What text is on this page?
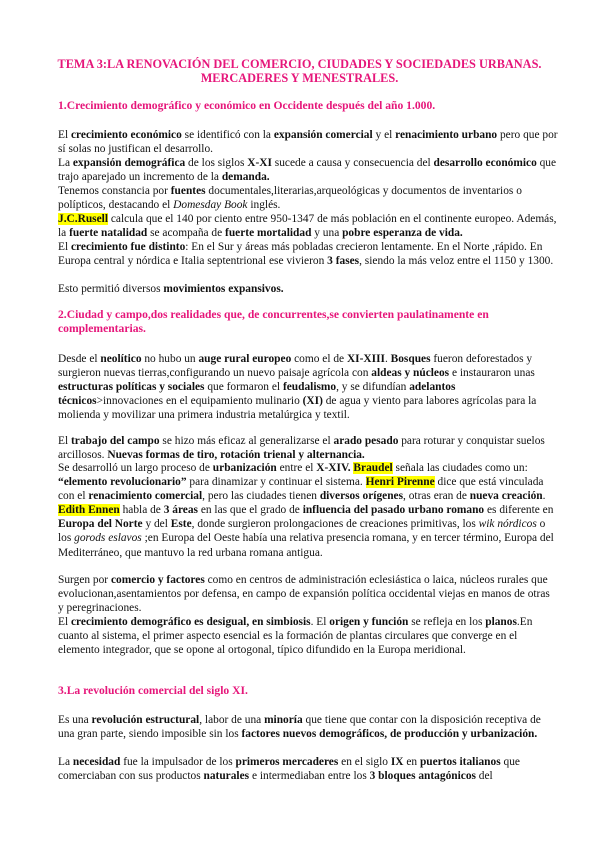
TEMA 3:LA RENOVACIÓN DEL COMERCIO, CIUDADES Y SOCIEDADES URBANAS.
MERCADERES Y MENESTRALES.
1.Crecimiento demográfico y económico en Occidente después del año 1.000.
El crecimiento económico se identificó con la expansión comercial y el renacimiento urbano pero que por sí solas no justifican el desarrollo.
La expansión demográfica de los siglos X-XI sucede a causa y consecuencia del desarrollo económico que trajo aparejado un incremento de la demanda.
Tenemos constancia por fuentes documentales,literarias,arqueológicas y documentos de inventarios o polípticos, destacando el Domesday Book inglés.
J.C.Rusell calcula que el 140 por ciento entre 950-1347 de más población en el continente europeo. Además, la fuerte natalidad se acompaña de fuerte mortalidad y una pobre esperanza de vida.
El crecimiento fue distinto: En el Sur y áreas más pobladas crecieron lentamente. En el Norte ,rápido. En Europa central y nórdica e Italia septentrional ese vivieron 3 fases, siendo la más veloz entre el 1150 y 1300.
Esto permitió diversos movimientos expansivos.
2.Ciudad y campo,dos realidades que, de concurrentes,se convierten paulatinamente en complementarias.
Desde el neolítico no hubo un auge rural europeo como el de XI-XIII. Bosques fueron deforestados y surgieron nuevas tierras,configurando un nuevo paisaje agrícola con aldeas y núcleos e instauraron unas estructuras políticas y sociales que formaron el feudalismo, y se difundían adelantos técnicos>innovaciones en el equipamiento mulinario (XI) de agua y viento para labores agrícolas para la molienda y movilizar una primera industria metalúrgica y textil.
El trabajo del campo se hizo más eficaz al generalizarse el arado pesado para roturar y conquistar suelos arcillosos. Nuevas formas de tiro, rotación trienal y alternancia.
Se desarrolló un largo proceso de urbanización entre el X-XIV. Braudel señala las ciudades como un: “elemento revolucionario” para dinamizar y continuar el sistema. Henri Pirenne dice que está vinculada con el renacimiento comercial, pero las ciudades tienen diversos orígenes, otras eran de nueva creación. Edith Ennen habla de 3 áreas en las que el grado de influencia del pasado urbano romano es diferente en Europa del Norte y del Este, donde surgieron prolongaciones de creaciones primitivas, los wik nórdicos o los gorods eslavos ;en Europa del Oeste había una relativa presencia romana, y en tercer término, Europa del Mediterráneo, que mantuvo la red urbana romana antigua.
Surgen por comercio y factores como en centros de administración eclesiástica o laica, núcleos rurales que evolucionan,asentamientos por defensa, en campo de expansión política occidental viejas en manos de otras y peregrinaciones.
El crecimiento demográfico es desigual, en simbiosis. El origen y función se refleja en los planos.En cuanto al sistema, el primer aspecto esencial es la formación de plantas circulares que converge en el elemento integrador, que se opone al ortogonal, típico difundido en la Europa meridional.
3.La revolución comercial del siglo XI.
Es una revolución estructural, labor de una minoría que tiene que contar con la disposición receptiva de una gran parte, siendo imposible sin los factores nuevos demográficos, de producción y urbanización.
La necesidad fue la impulsador de los primeros mercaderes en el siglo IX en puertos italianos que comerciaban con sus productos naturales e intermediaban entre los 3 bloques antagónicos del
